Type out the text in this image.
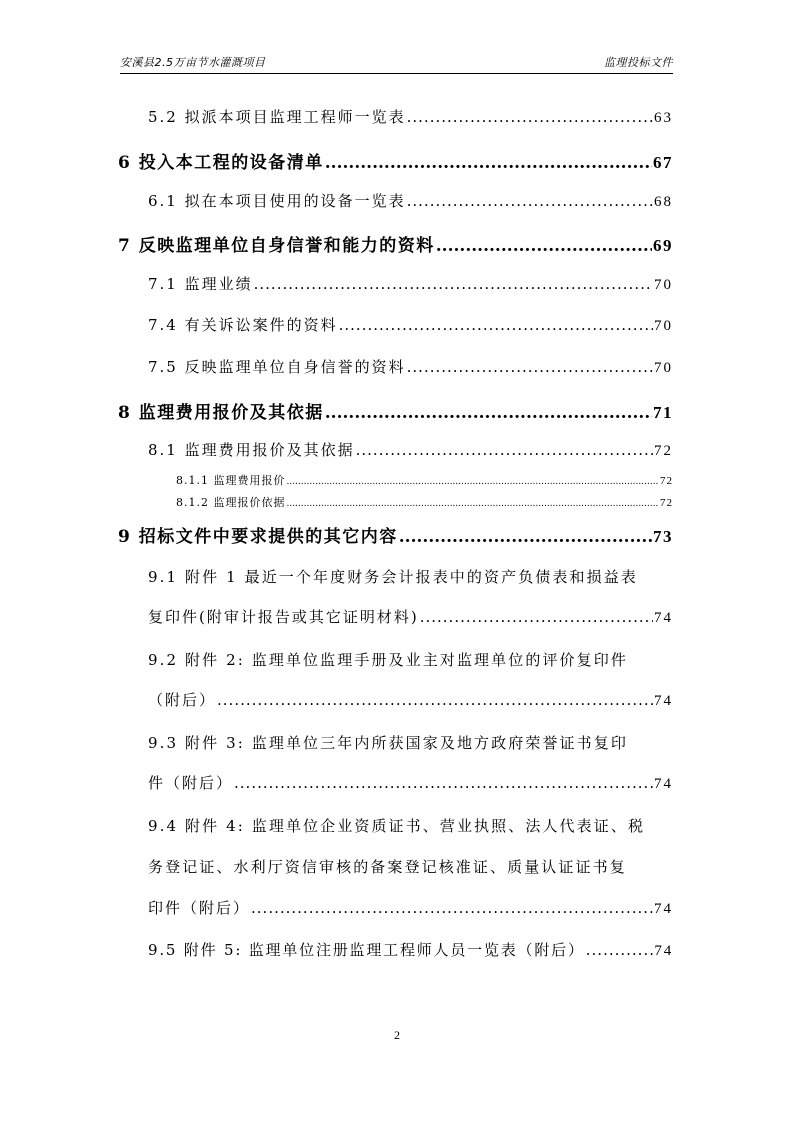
安溪县2.5万亩节水灌溉项目	监理投标文件
5.2 拟派本项目监理工程师一览表 .....	63
6 投入本工程的设备清单 .....	67
6.1 拟在本项目使用的设备一览表 .....	68
7 反映监理单位自身信誉和能力的资料 .....	69
7.1 监理业绩 .....	70
7.4 有关诉讼案件的资料 .....	70
7.5 反映监理单位自身信誉的资料 .....	70
8 监理费用报价及其依据 .....	71
8.1 监理费用报价及其依据 .....	72
8.1.1 监理费用报价 .....	72
8.1.2 监理报价依据 .....	72
9 招标文件中要求提供的其它内容 .....	73
9.1 附件 1 最近一个年度财务会计报表中的资产负债表和损益表
复印件(附审计报告或其它证明材料) .....	74
9.2 附件 2: 监理单位监理手册及业主对监理单位的评价复印件
（附后） .....	74
9.3 附件 3: 监理单位三年内所获国家及地方政府荣誉证书复印
件（附后） .....	74
9.4 附件 4: 监理单位企业资质证书、营业执照、法人代表证、税
务登记证、水利厅资信审核的备案登记核准证、质量认证证书复
印件（附后） .....	74
9.5 附件 5: 监理单位注册监理工程师人员一览表（附后） .....	74
2
